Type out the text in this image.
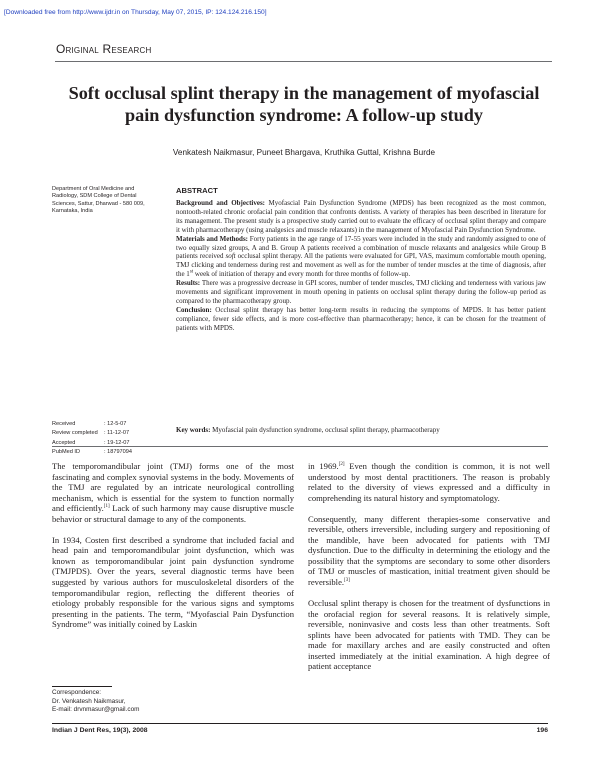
[Downloaded free from http://www.ijdr.in on Thursday, May 07, 2015, IP: 124.124.216.150]
Original Research
Soft occlusal splint therapy in the management of myofascial pain dysfunction syndrome: A follow-up study
Venkatesh Naikmasur, Puneet Bhargava, Kruthika Guttal, Krishna Burde
Department of Oral Medicine and Radiology, SDM College of Dental Sciences, Sattur, Dharwad - 580 009, Karnataka, India
ABSTRACT

Background and Objectives: Myofascial Pain Dysfunction Syndrome (MPDS) has been recognized as the most common, nontooth-related chronic orofacial pain condition that confronts dentists. A variety of therapies has been described in literature for its management. The present study is a prospective study carried out to evaluate the efficacy of occlusal splint therapy and compare it with pharmacotherapy (using analgesics and muscle relaxants) in the management of Myofascial Pain Dysfunction Syndrome.

Materials and Methods: Forty patients in the age range of 17-55 years were included in the study and randomly assigned to one of two equally sized groups, A and B. Group A patients received a combination of muscle relaxants and analgesics while Group B patients received soft occlusal splint therapy. All the patients were evaluated for GPI, VAS, maximum comfortable mouth opening, TMJ clicking and tenderness during rest and movement as well as for the number of tender muscles at the time of diagnosis, after the 1st week of initiation of therapy and every month for three months of follow-up.

Results: There was a progressive decrease in GPI scores, number of tender muscles, TMJ clicking and tenderness with various jaw movements and significant improvement in mouth opening in patients on occlusal splint therapy during the follow-up period as compared to the pharmacotherapy group.

Conclusion: Occlusal splint therapy has better long-term results in reducing the symptoms of MPDS. It has better patient compliance, fewer side effects, and is more cost-effective than pharmacotherapy; hence, it can be chosen for the treatment of patients with MPDS.

Received	: 12-5-07
Review completed	: 11-12-07
Accepted	: 19-12-07
PubMed ID	: 18797094
Key words: Myofascial pain dysfunction syndrome, occlusal splint therapy, pharmacotherapy

The temporomandibular joint (TMJ) forms one of the most fascinating and complex synovial systems in the body. Movements of the TMJ are regulated by an intricate neurological controlling mechanism, which is essential for the system to function normally and efficiently.[1] Lack of such harmony may cause disruptive muscle behavior or structural damage to any of the components.

In 1934, Costen first described a syndrome that included facial and head pain and temporomandibular joint dysfunction, which was known as temporomandibular joint pain dysfunction syndrome (TMJPDS). Over the years, several diagnostic terms have been suggested by various authors for musculoskeletal disorders of the temporomandibular region, reflecting the different theories of etiology probably responsible for the various signs and symptoms presenting in the patients. The term, “Myofascial Pain Dysfunction Syndrome” was initially coined by Laskin

in 1969.[2] Even though the condition is common, it is not well understood by most dental practitioners. The reason is probably related to the diversity of views expressed and a difficulty in comprehending its natural history and symptomatology.

Consequently, many different therapies-some conservative and reversible, others irreversible, including surgery and repositioning of the mandible, have been advocated for patients with TMJ dysfunction. Due to the difficulty in determining the etiology and the possibility that the symptoms are secondary to some other disorders of TMJ or muscles of mastication, initial treatment given should be reversible.[3]

Occlusal splint therapy is chosen for the treatment of dysfunctions in the orofacial region for several reasons. It is relatively simple, reversible, noninvasive and costs less than other treatments. Soft splints have been advocated for patients with TMD. They can be made for maxillary arches and are easily constructed and often inserted immediately at the initial examination. A high degree of patient acceptance

Correspondence:
Dr. Venkatesh Naikmasur,
E-mail: drvnmasur@gmail.com
Indian J Dent Res, 19(3), 2008	196
